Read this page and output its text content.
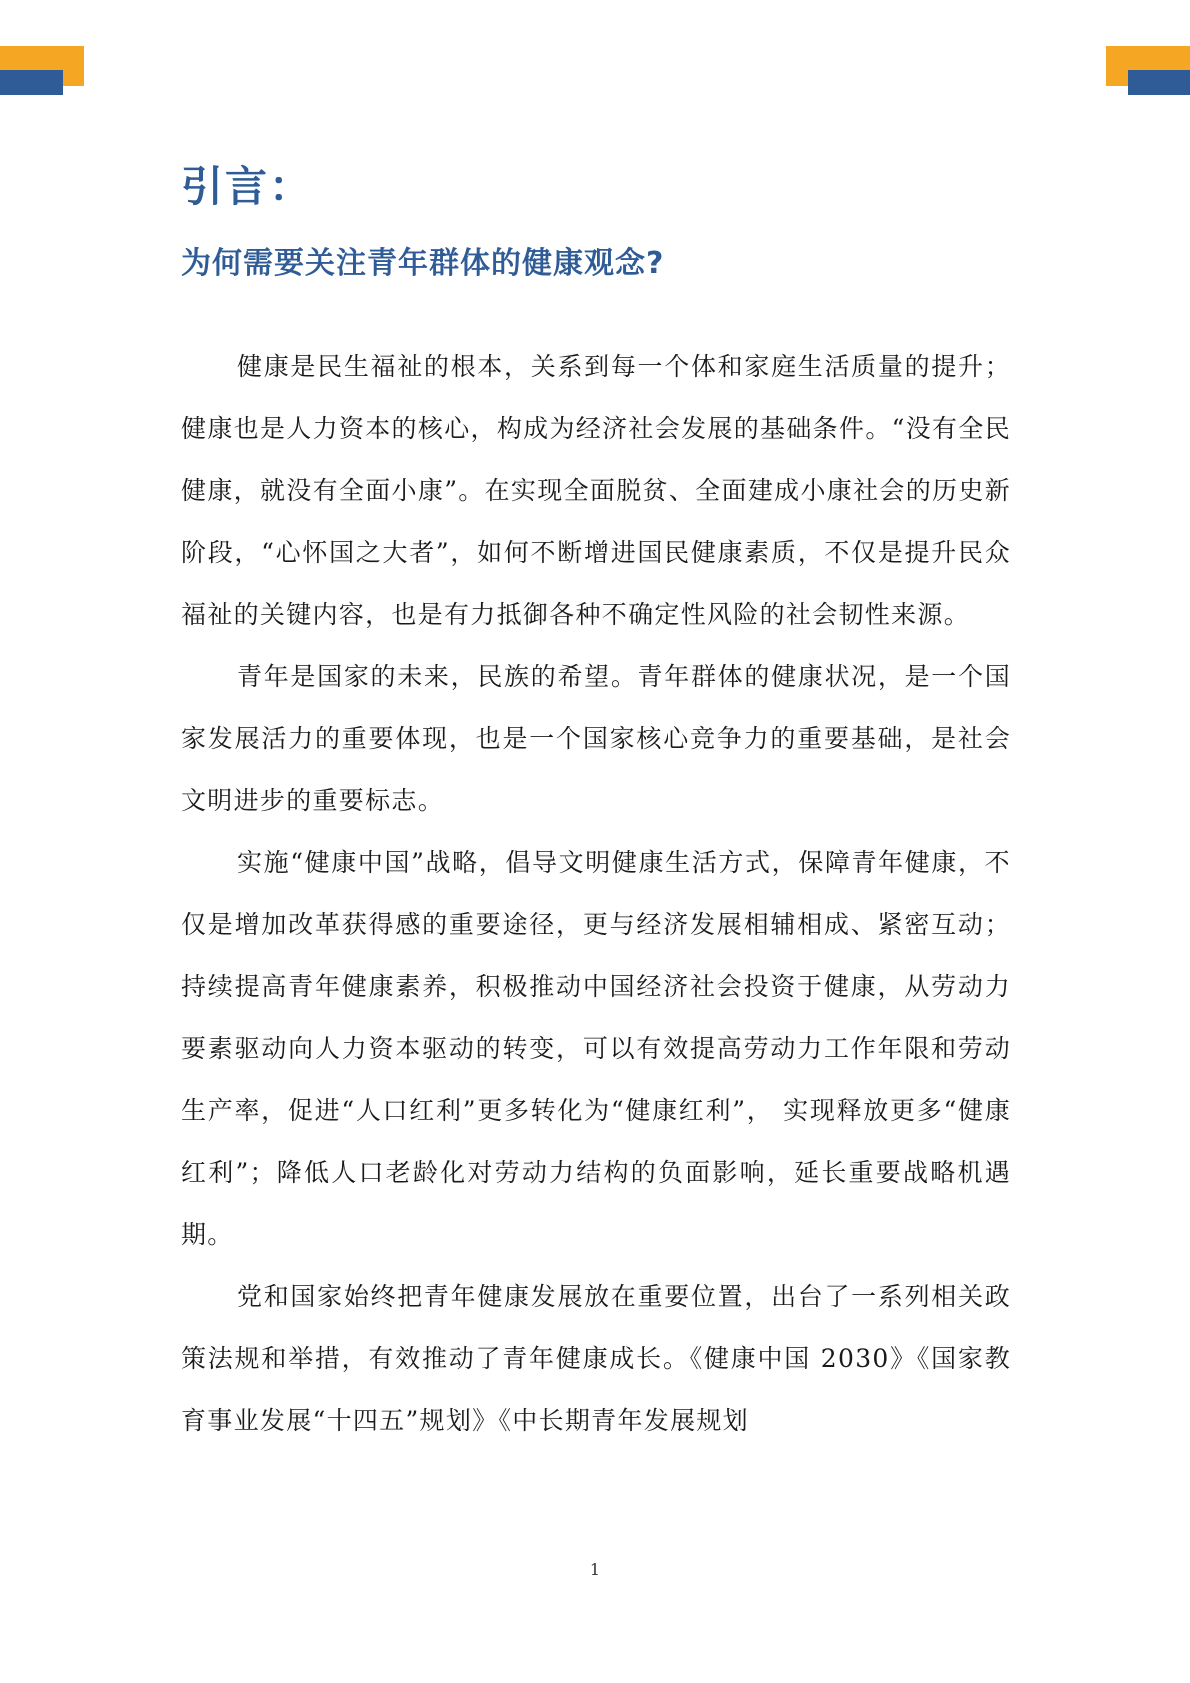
引言：
为何需要关注青年群体的健康观念?

健康是民生福祉的根本，关系到每一个体和家庭生活质量的提升；健康也是人力资本的核心，构成为经济社会发展的基础条件。“没有全民健康，就没有全面小康”。在实现全面脱贫、全面建成小康社会的历史新阶段，“心怀国之大者”，如何不断增进国民健康素质，不仅是提升民众福祉的关键内容，也是有力抵御各种不确定性风险的社会韧性来源。

青年是国家的未来，民族的希望。青年群体的健康状况，是一个国家发展活力的重要体现，也是一个国家核心竞争力的重要基础，是社会文明进步的重要标志。

实施“健康中国”战略，倡导文明健康生活方式，保障青年健康，不仅是增加改革获得感的重要途径，更与经济发展相辅相成、紧密互动；持续提高青年健康素养，积极推动中国经济社会投资于健康，从劳动力要素驱动向人力资本驱动的转变，可以有效提高劳动力工作年限和劳动生产率，促进“人口红利”更多转化为“健康红利”， 实现释放更多“健康红利”；降低人口老龄化对劳动力结构的负面影响，延长重要战略机遇期。

党和国家始终把青年健康发展放在重要位置，出台了一系列相关政策法规和举措，有效推动了青年健康成长。《健康中国 2030》《国家教育事业发展“十四五”规划》《中长期青年发展规划

1
